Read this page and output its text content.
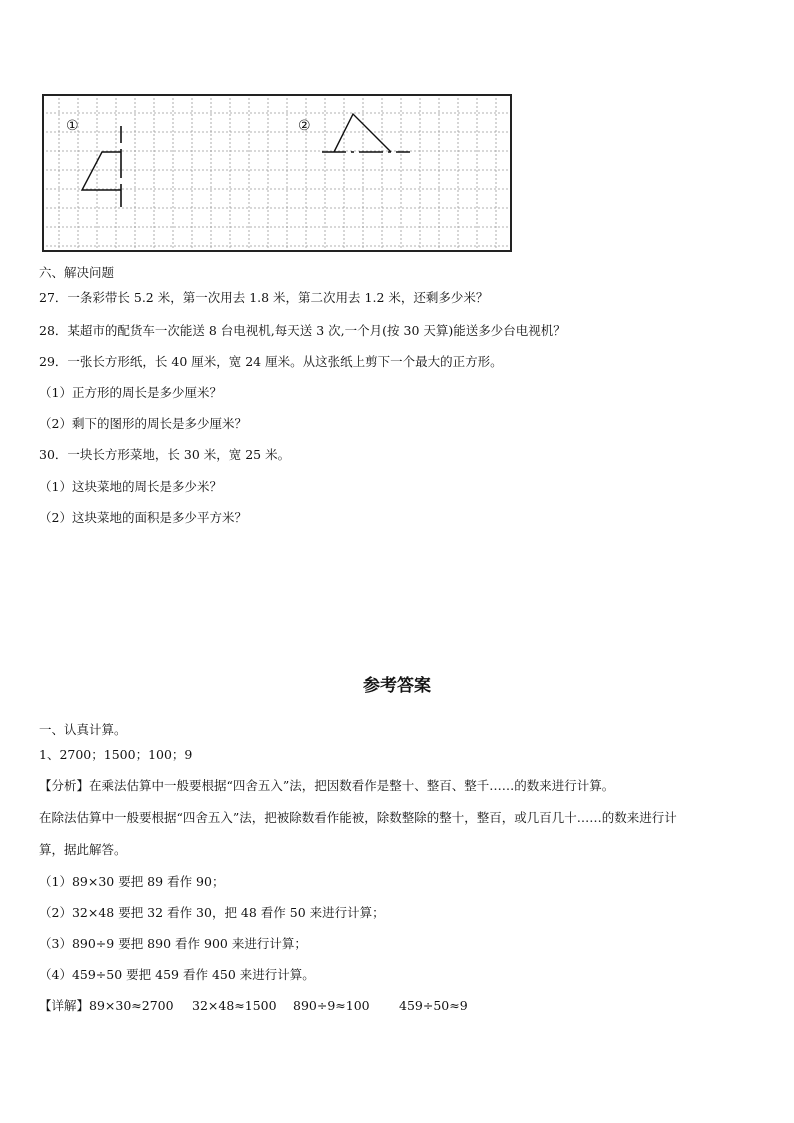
①	②
六、解决问题
27．一条彩带长 5.2 米，第一次用去 1.8 米，第二次用去 1.2 米，还剩多少米？
28．某超市的配货车一次能送 8 台电视机,每天送 3 次,一个月(按 30 天算)能送多少台电视机？
29．一张长方形纸，长 40 厘米，宽 24 厘米。从这张纸上剪下一个最大的正方形。
（1）正方形的周长是多少厘米？
（2）剩下的图形的周长是多少厘米？
30．一块长方形菜地，长 30 米，宽 25 米。
（1）这块菜地的周长是多少米？
（2）这块菜地的面积是多少平方米？
参考答案
一、认真计算。
1、2700；1500；100；9
【分析】在乘法估算中一般要根据“四舍五入”法，把因数看作是整十、整百、整千……的数来进行计算。
在除法估算中一般要根据“四舍五入”法，把被除数看作能被，除数整除的整十，整百，或几百几十……的数来进行计
算，据此解答。
（1）89×30 要把 89 看作 90；
（2）32×48 要把 32 看作 30，把 48 看作 50 来进行计算；
（3）890÷9 要把 890 看作 900 来进行计算；
（4）459÷50 要把 459 看作 450 来进行计算。
【详解】89×30≈2700 32×48≈1500 890÷9≈100 459÷50≈9
